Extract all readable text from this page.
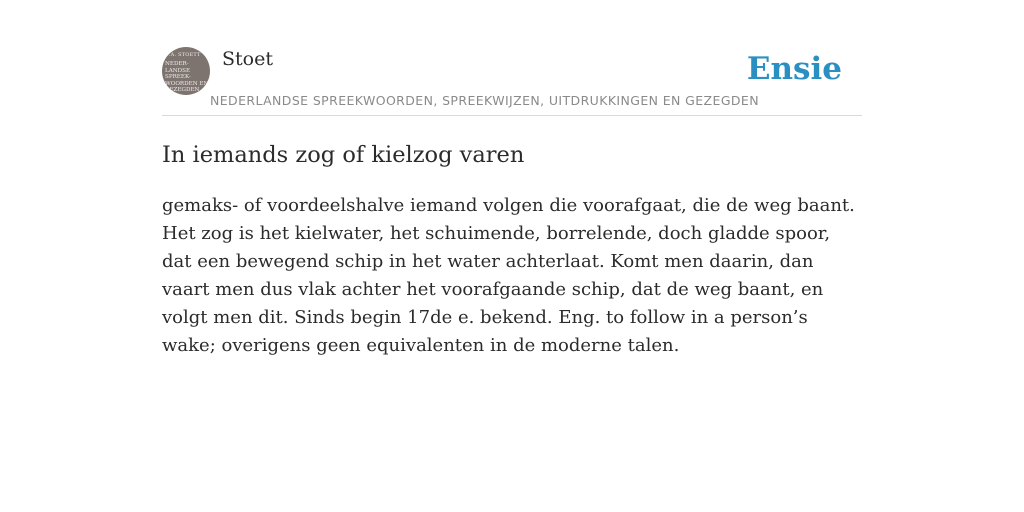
F.A. STOETT
NEDER-
LANDSE
SPREEK-
WOORDEN EN
GEZEGDEN
Stoet
NEDERLANDSE SPREEKWOORDEN, SPREEKWIJZEN, UITDRUKKINGEN EN GEZEGDEN
Ensie
In iemands zog of kielzog varen

gemaks- of voordeelshalve iemand volgen die voorafgaat, die de weg baant. Het zog is het kielwater, het schuimende, borrelende, doch gladde spoor, dat een bewegend schip in het water achterlaat. Komt men daarin, dan vaart men dus vlak achter het voorafgaande schip, dat de weg baant, en volgt men dit. Sinds begin 17de e. bekend. Eng. to follow in a person’s wake; overigens geen equivalenten in de moderne talen.
